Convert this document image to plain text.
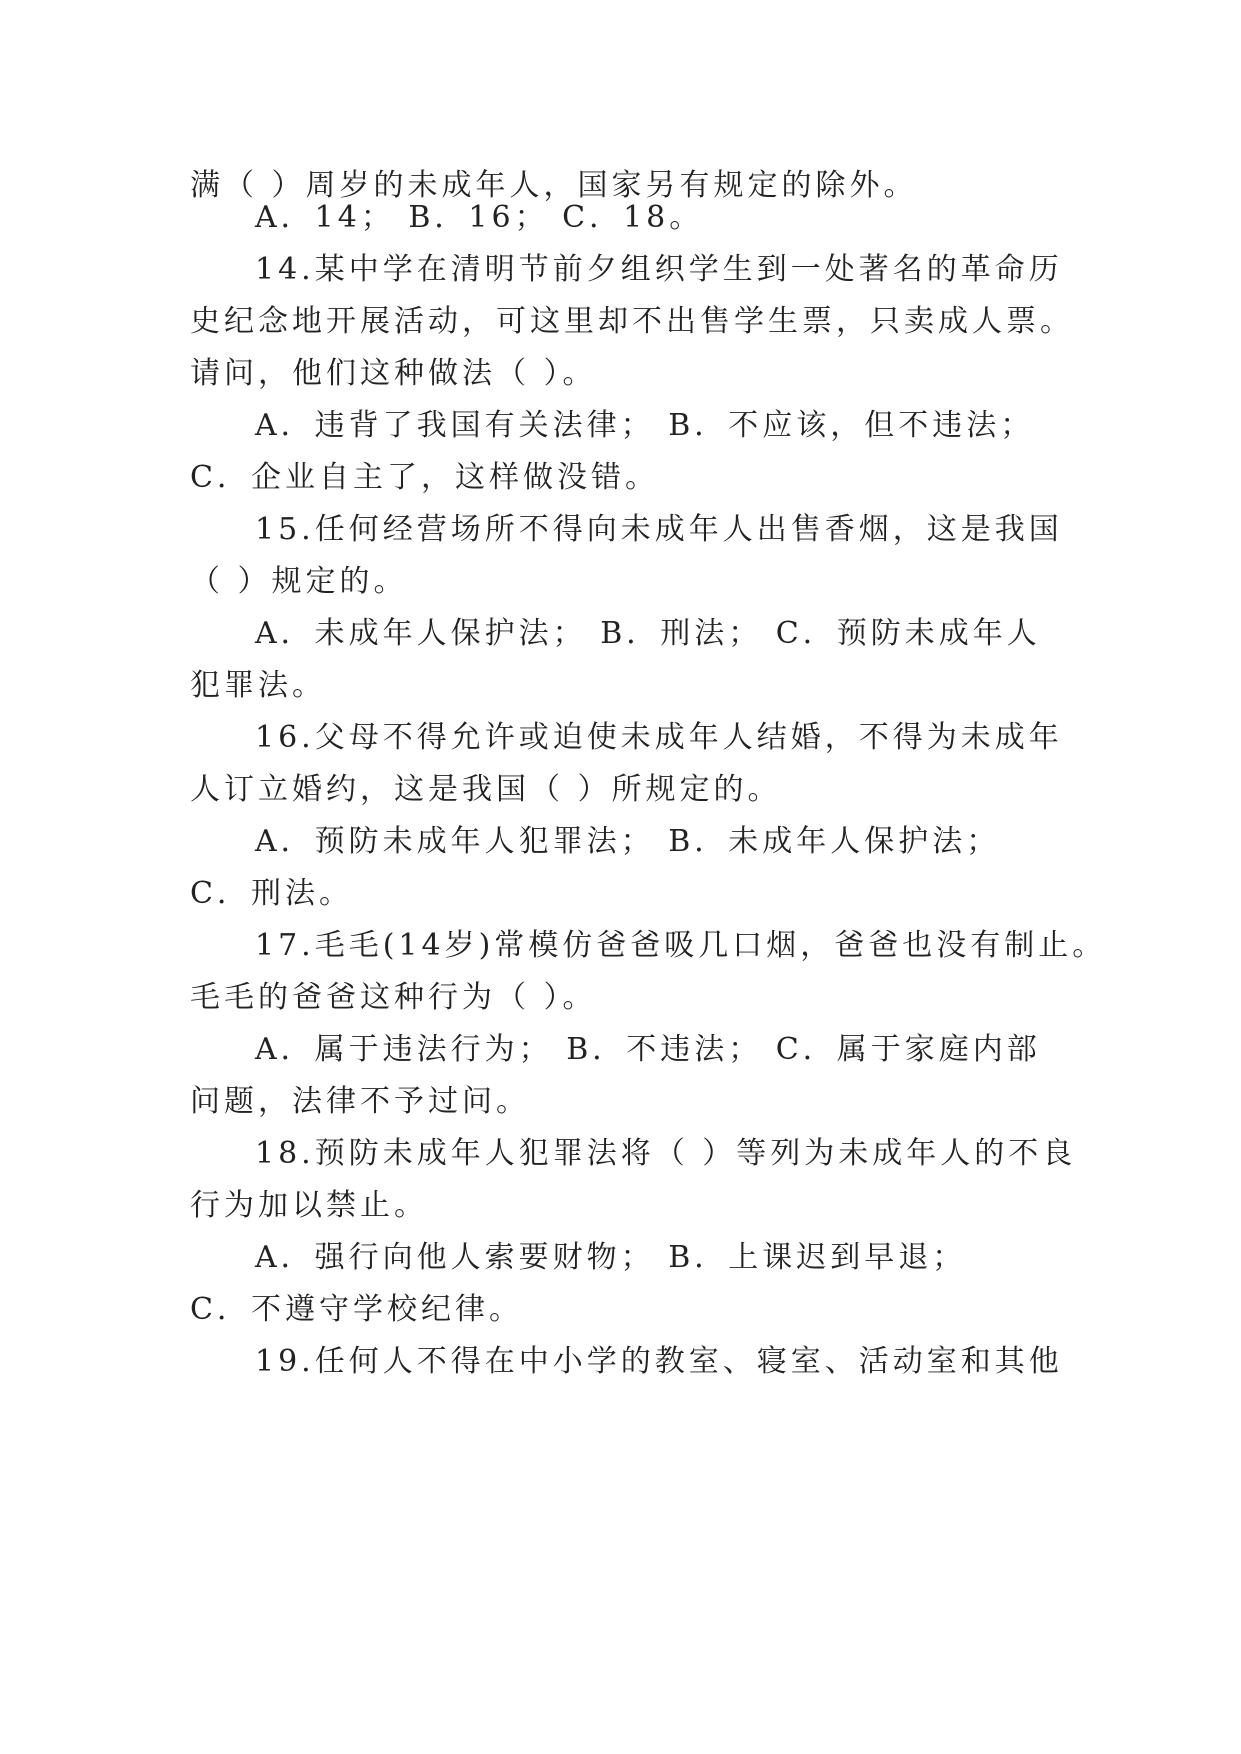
满（ ）周岁的未成年人，国家另有规定的除外。
A．14； B．16； C．18。
14.某中学在清明节前夕组织学生到一处著名的革命历
史纪念地开展活动，可这里却不出售学生票，只卖成人票。
请问，他们这种做法（ ）。
A．违背了我国有关法律； B．不应该，但不违法；
C．企业自主了，这样做没错。
15.任何经营场所不得向未成年人出售香烟，这是我国
（ ）规定的。
A．未成年人保护法； B．刑法； C．预防未成年人
犯罪法。
16.父母不得允许或迫使未成年人结婚，不得为未成年
人订立婚约，这是我国（ ）所规定的。
A．预防未成年人犯罪法； B．未成年人保护法；
C．刑法。
17.毛毛(14岁)常模仿爸爸吸几口烟，爸爸也没有制止。
毛毛的爸爸这种行为（ ）。
A．属于违法行为； B．不违法； C．属于家庭内部
问题，法律不予过问。
18.预防未成年人犯罪法将（ ）等列为未成年人的不良
行为加以禁止。
A．强行向他人索要财物； B．上课迟到早退；
C．不遵守学校纪律。
19.任何人不得在中小学的教室、寝室、活动室和其他
